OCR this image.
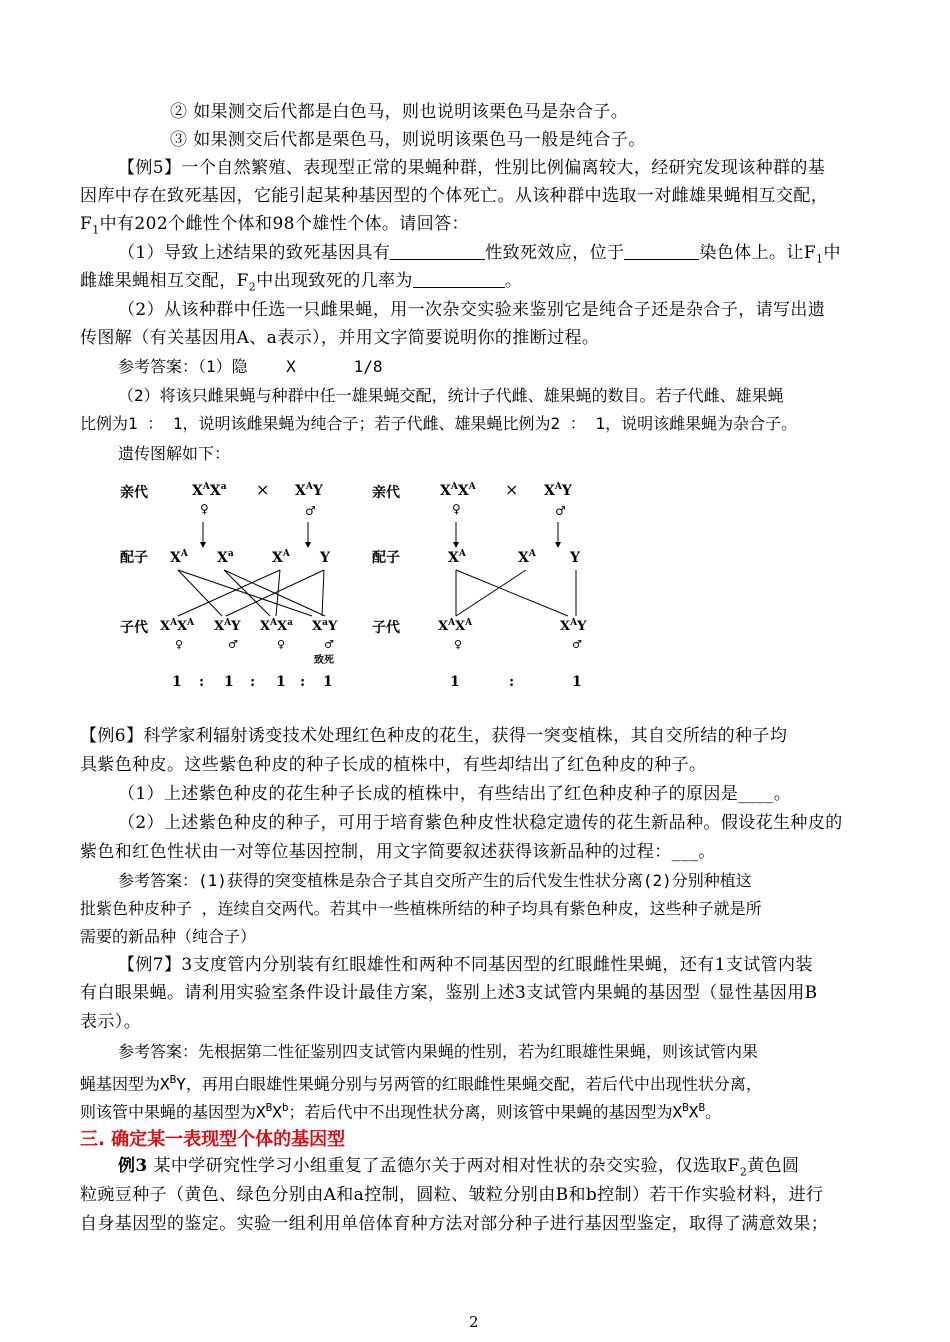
② 如果测交后代都是白色马，则也说明该栗色马是杂合子。
③ 如果测交后代都是栗色马，则说明该栗色马一般是纯合子。
【例5】一个自然繁殖、表现型正常的果蝇种群，性别比例偏离较大，经研究发现该种群的基
因库中存在致死基因，它能引起某种基因型的个体死亡。从该种群中选取一对雌雄果蝇相互交配，
$F_1$中有202个雌性个体和98个雄性个体。请回答：
（1）导致上述结果的致死基因具有	性致死效应，位于	染色体上。让$F_1$中
雌雄果蝇相互交配，$F_2$中出现致死的几率为	。
（2）从该种群中任选一只雌果蝇，用一次杂交实验来鉴别它是纯合子还是杂合子，请写出遗
传图解（有关基因用A、a表示），并用文字简要说明你的推断过程。
参考答案：（1）隐    X      1/8
（2）将该只雌果蝇与种群中任一雄果蝇交配，统计子代雌、雄果蝇的数目。若子代雌、雄果蝇
比例为1 ： 1，说明该雌果蝇为纯合子；若子代雌、雄果蝇比例为2 ： 1，说明该雌果蝇为杂合子。
遗传图解如下：
亲代
配子
子代
亲代
配子
子代
$X^AX^a$
♀
× $X^AY$
♂
$X^A$ $X^a$	$X^A$ Y
$X^AX^A$ $X^AY$ $X^AX^a$ $X^aY$
♀	♂	♀	♂
致死
1 : 1 : 1 : 1
$X^AX^A$
♀
× $X^AY$
♂
$X^A$	$X^A$ Y
$X^AX^A$	$X^AY$
♀	♂
1	:	1
【例6】科学家利辐射诱变技术处理红色种皮的花生，获得一突变植株，其自交所结的种子均
具紫色种皮。这些紫色种皮的种子长成的植株中，有些却结出了红色种皮的种子。
（1）上述紫色种皮的花生种子长成的植株中，有些结出了红色种皮种子的原因是____。
（2）上述紫色种皮的种子，可用于培育紫色种皮性状稳定遗传的花生新品种。假设花生种皮的
紫色和红色性状由一对等位基因控制，用文字简要叙述获得该新品种的过程：___。
参考答案：(1)获得的突变植株是杂合子其自交所产生的后代发生性状分离(2)分别种植这
批紫色种皮种子 ，连续自交两代。若其中一些植株所结的种子均具有紫色种皮，这些种子就是所
需要的新品种（纯合子）
【例7】3支度管内分别装有红眼雄性和两种不同基因型的红眼雌性果蝇，还有1支试管内装
有白眼果蝇。请利用实验室条件设计最佳方案，鉴别上述3支试管内果蝇的基因型（显性基因用B
表示）。
参考答案：先根据第二性征鉴别四支试管内果蝇的性别，若为红眼雄性果蝇，则该试管内果
蝇基因型为$X^BY$，再用白眼雄性果蝇分别与另两管的红眼雌性果蝇交配，若后代中出现性状分离，
则该管中果蝇的基因型为$X^BX^b$；若后代中不出现性状分离，则该管中果蝇的基因型为$X^BX^B$。
三. 确定某一表现型个体的基因型
例3 某中学研究性学习小组重复了孟德尔关于两对相对性状的杂交实验，仅选取$F_2$黄色圆
粒豌豆种子（黄色、绿色分别由A和a控制，圆粒、皱粒分别由B和b控制）若干作实验材料，进行
自身基因型的鉴定。实验一组利用单倍体育种方法对部分种子进行基因型鉴定，取得了满意效果；
2
